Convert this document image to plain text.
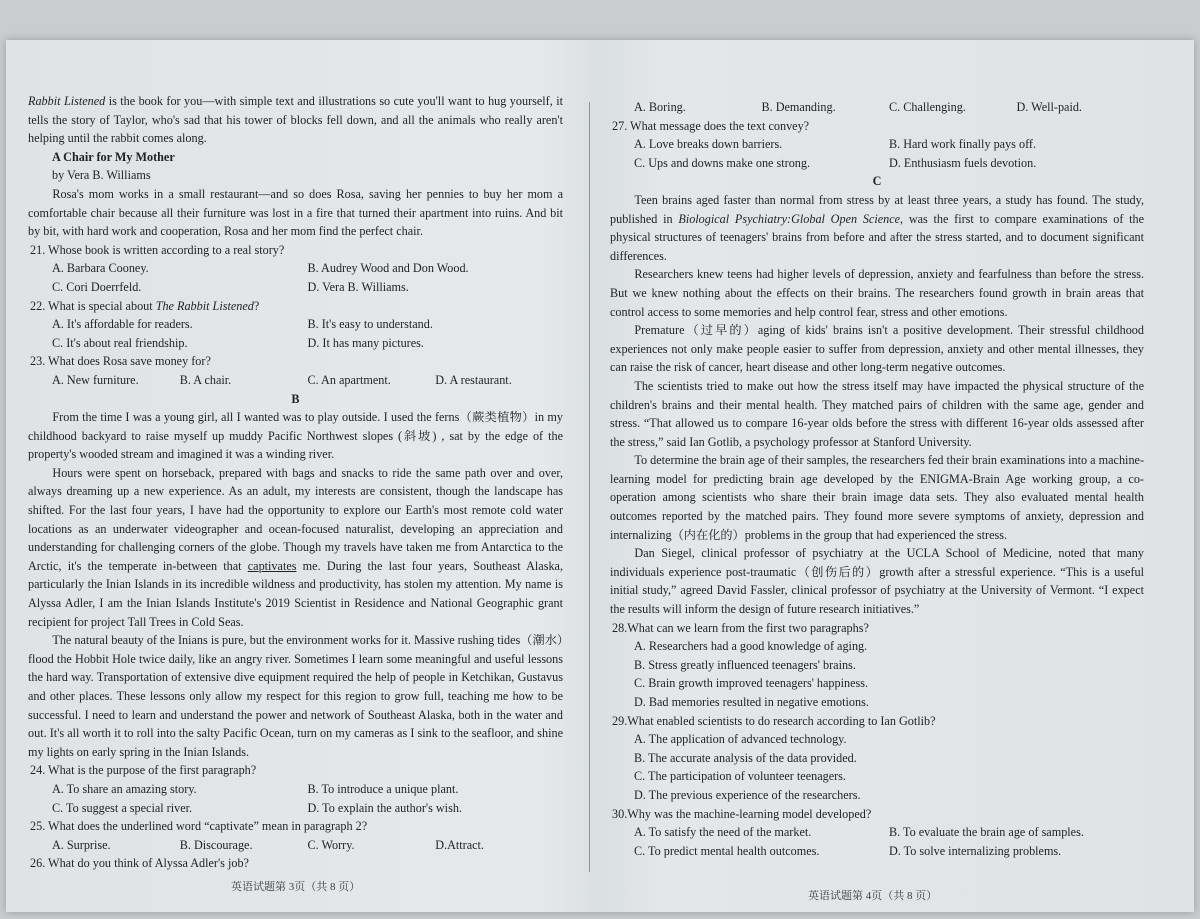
Rabbit Listened is the book for you—with simple text and illustrations so cute you'll want to hug yourself, it tells the story of Taylor, who's sad that his tower of blocks fell down, and all the animals who really aren't helping until the rabbit comes along.

A Chair for My Mother

by Vera B. Williams

Rosa's mom works in a small restaurant—and so does Rosa, saving her pennies to buy her mom a comfortable chair because all their furniture was lost in a fire that turned their apartment into ruins. And bit by bit, with hard work and cooperation, Rosa and her mom find the perfect chair.

21. Whose book is written according to a real story?

A. Barbara Cooney.	B. Audrey Wood and Don Wood.
C. Cori Doerrfeld.	D. Vera B. Williams.

22. What is special about The Rabbit Listened?

A. It's affordable for readers.	B. It's easy to understand.
C. It's about real friendship.	D. It has many pictures.

23. What does Rosa save money for?

A. New furniture.	B. A chair.	C. An apartment.	D. A restaurant.

B

From the time I was a young girl, all I wanted was to play outside. I used the ferns（蕨类植物）in my childhood backyard to raise myself up muddy Pacific Northwest slopes (斜坡) , sat by the edge of the property's wooded stream and imagined it was a winding river.

Hours were spent on horseback, prepared with bags and snacks to ride the same path over and over, always dreaming up a new experience. As an adult, my interests are consistent, though the landscape has shifted. For the last four years, I have had the opportunity to explore our Earth's most remote cold water locations as an underwater videographer and ocean-focused naturalist, developing an appreciation and understanding for challenging corners of the globe. Though my travels have taken me from Antarctica to the Arctic, it's the temperate in-between that captivates me. During the last four years, Southeast Alaska, particularly the Inian Islands in its incredible wildness and productivity, has stolen my attention. My name is Alyssa Adler, I am the Inian Islands Institute's 2019 Scientist in Residence and National Geographic grant recipient for project Tall Trees in Cold Seas.

The natural beauty of the Inians is pure, but the environment works for it. Massive rushing tides（潮水）flood the Hobbit Hole twice daily, like an angry river. Sometimes I learn some meaningful and useful lessons the hard way. Transportation of extensive dive equipment required the help of people in Ketchikan, Gustavus and other places. These lessons only allow my respect for this region to grow full, teaching me how to be successful. I need to learn and understand the power and network of Southeast Alaska, both in the water and out. It's all worth it to roll into the salty Pacific Ocean, turn on my cameras as I sink to the seafloor, and shine my lights on early spring in the Inian Islands.

24. What is the purpose of the first paragraph?

A. To share an amazing story.	B. To introduce a unique plant.
C. To suggest a special river.	D. To explain the author's wish.

25. What does the underlined word “captivate” mean in paragraph 2?

A. Surprise.	B. Discourage.	C. Worry.	D.Attract.

26. What do you think of Alyssa Adler's job?

A. Boring.	B. Demanding.	C. Challenging.	D. Well-paid.

27. What message does the text convey?

A. Love breaks down barriers.	B. Hard work finally pays off.
C. Ups and downs make one strong.	D. Enthusiasm fuels devotion.

C

Teen brains aged faster than normal from stress by at least three years, a study has found. The study, published in Biological Psychiatry:Global Open Science, was the first to compare examinations of the physical structures of teenagers' brains from before and after the stress started, and to document significant differences.

Researchers knew teens had higher levels of depression, anxiety and fearfulness than before the stress. But we knew nothing about the effects on their brains. The researchers found growth in brain areas that control access to some memories and help control fear, stress and other emotions.

Premature（过早的）aging of kids' brains isn't a positive development. Their stressful childhood experiences not only make people easier to suffer from depression, anxiety and other mental illnesses, they can raise the risk of cancer, heart disease and other long-term negative outcomes.

The scientists tried to make out how the stress itself may have impacted the physical structure of the children's brains and their mental health. They matched pairs of children with the same age, gender and stress. “That allowed us to compare 16-year olds before the stress with different 16-year olds assessed after the stress,” said Ian Gotlib, a psychology professor at Stanford University.

To determine the brain age of their samples, the researchers fed their brain examinations into a machine-learning model for predicting brain age developed by the ENIGMA-Brain Age working group, a co-operation among scientists who share their brain image data sets. They also evaluated mental health outcomes reported by the matched pairs. They found more severe symptoms of anxiety, depression and internalizing（内在化的）problems in the group that had experienced the stress.

Dan Siegel, clinical professor of psychiatry at the UCLA School of Medicine, noted that many individuals experience post-traumatic（创伤后的）growth after a stressful experience. “This is a useful initial study,” agreed David Fassler, clinical professor of psychiatry at the University of Vermont. “I expect the results will inform the design of future research initiatives.”

28.What can we learn from the first two paragraphs?

A. Researchers had a good knowledge of aging.
B. Stress greatly influenced teenagers' brains.
C. Brain growth improved teenagers' happiness.
D. Bad memories resulted in negative emotions.

29.What enabled scientists to do research according to Ian Gotlib?

A. The application of advanced technology.
B. The accurate analysis of the data provided.
C. The participation of volunteer teenagers.
D. The previous experience of the researchers.

30.Why was the machine-learning model developed?

A. To satisfy the need of the market.	B. To evaluate the brain age of samples.
C. To predict mental health outcomes.	D. To solve internalizing problems.
英语试题第 3页（共 8 页）
英语试题第 4页（共 8 页）
